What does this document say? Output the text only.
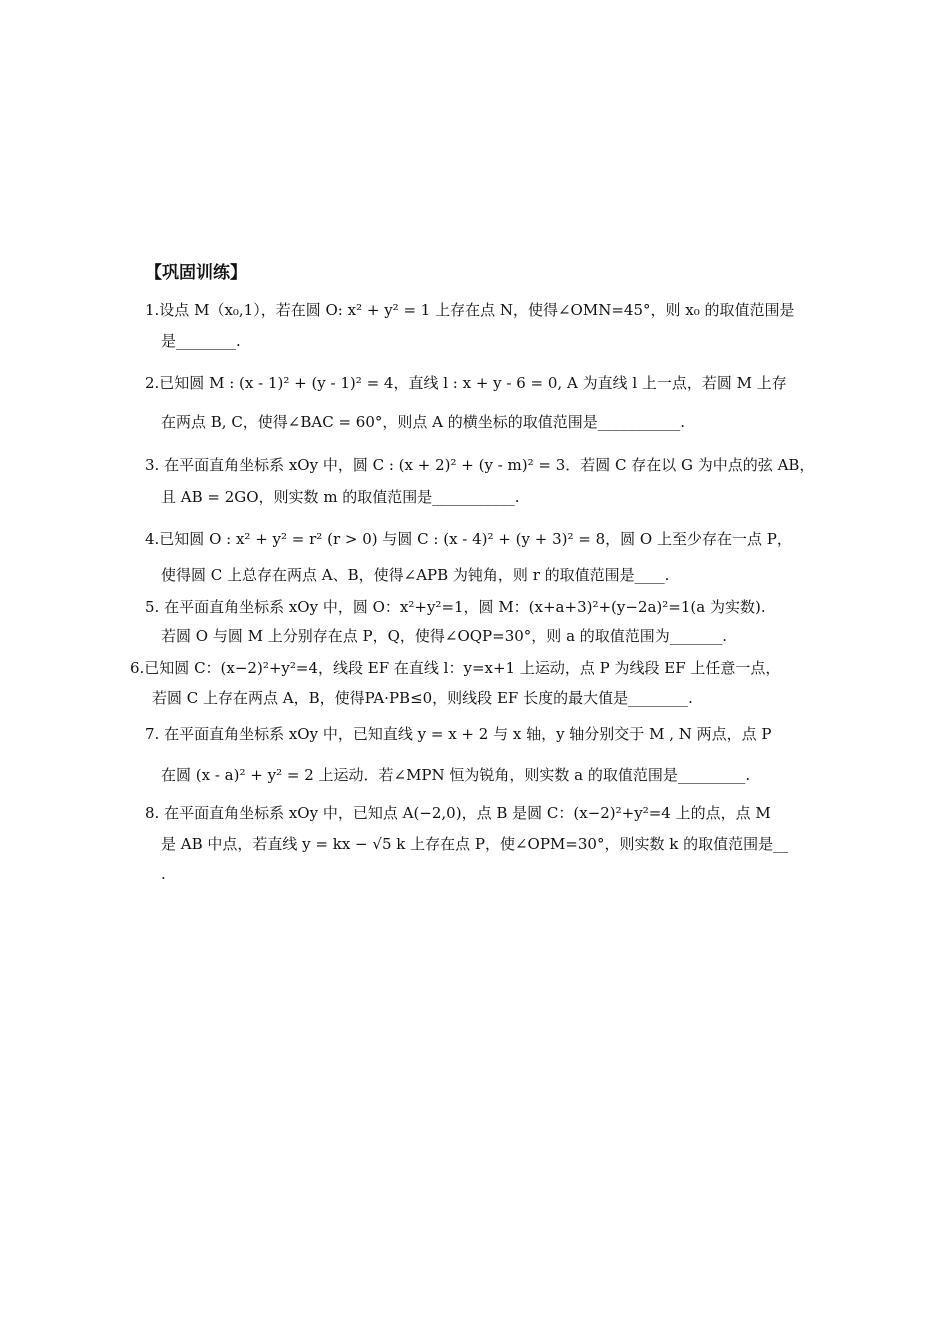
【巩固训练】
1.设点 M（x₀,1），若在圆 O: x² + y² = 1 上存在点 N，使得∠OMN=45°，则 x₀ 的取值范围是
是________.
2.已知圆 M : (x - 1)² + (y - 1)² = 4，直线 l : x + y - 6 = 0, A 为直线 l 上一点，若圆 M 上存
在两点 B, C，使得∠BAC = 60°，则点 A 的横坐标的取值范围是___________.
3. 在平面直角坐标系 xOy 中，圆 C : (x + 2)² + (y - m)² = 3．若圆 C 存在以 G 为中点的弦 AB，
且 AB = 2GO，则实数 m 的取值范围是___________.
4.已知圆 O : x² + y² = r² (r > 0) 与圆 C : (x - 4)² + (y + 3)² = 8，圆 O 上至少存在一点 P，
使得圆 C 上总存在两点 A、B，使得∠APB 为钝角，则 r 的取值范围是____.
5. 在平面直角坐标系 xOy 中，圆 O：x²+y²=1，圆 M：(x+a+3)²+(y−2a)²=1(a 为实数).
若圆 O 与圆 M 上分别存在点 P，Q，使得∠OQP=30°，则 a 的取值范围为_______.
6.已知圆 C：(x−2)²+y²=4，线段 EF 在直线 l：y=x+1 上运动，点 P 为线段 EF 上任意一点，
若圆 C 上存在两点 A，B，使得PA·PB≤0，则线段 EF 长度的最大值是________.
7. 在平面直角坐标系 xOy 中，已知直线 y = x + 2 与 x 轴，y 轴分别交于 M , N 两点，点 P
在圆 (x - a)² + y² = 2 上运动．若∠MPN 恒为锐角，则实数 a 的取值范围是_________.
8. 在平面直角坐标系 xOy 中，已知点 A(−2,0)，点 B 是圆 C：(x−2)²+y²=4 上的点，点 M
是 AB 中点，若直线 y = kx − √5 k 上存在点 P，使∠OPM=30°，则实数 k 的取值范围是__
.
